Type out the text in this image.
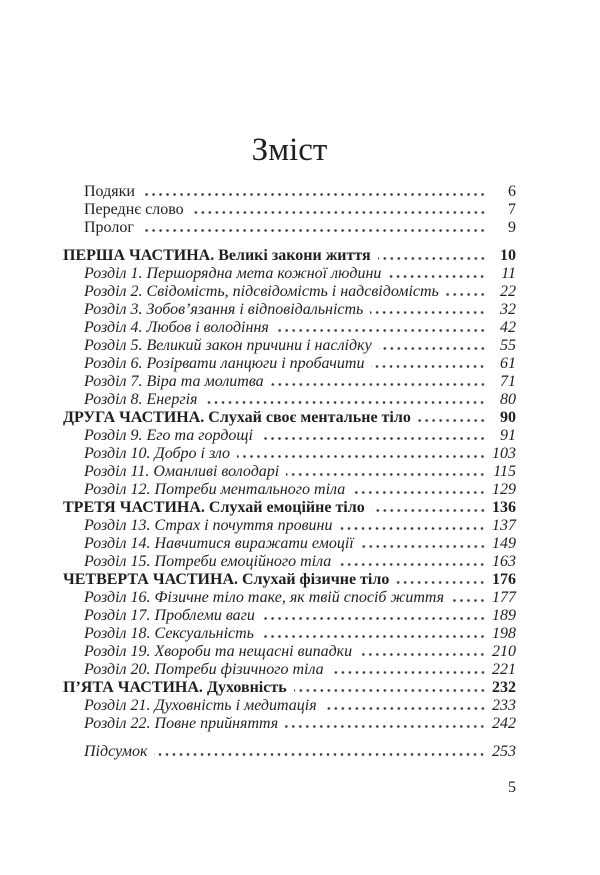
Зміст
Подяки	6
Переднє слово	7
Пролог	9
ПЕРША ЧАСТИНА. Великі закони життя	10
Розділ 1. Першорядна мета кожної людини	11
Розділ 2. Свідомість, підсвідомість і надсвідомість	22
Розділ 3. Зобов’язання і відповідальність	32
Розділ 4. Любов і володіння	42
Розділ 5. Великий закон причини і наслідку	55
Розділ 6. Розірвати ланцюги і пробачити	61
Розділ 7. Віра та молитва	71
Розділ 8. Енергія	80
ДРУГА ЧАСТИНА. Слухай своє ментальне тіло	90
Розділ 9. Его та гордощі	91
Розділ 10. Добро і зло	103
Розділ 11. Оманливі володарі	115
Розділ 12. Потреби ментального тіла	129
ТРЕТЯ ЧАСТИНА. Слухай емоційне тіло	136
Розділ 13. Страх і почуття провини	137
Розділ 14. Навчитися виражати емоції	149
Розділ 15. Потреби емоційного тіла	163
ЧЕТВЕРТА ЧАСТИНА. Слухай фізичне тіло	176
Розділ 16. Фізичне тіло таке, як твій спосіб життя	177
Розділ 17. Проблеми ваги	189
Розділ 18. Сексуальність	198
Розділ 19. Хвороби та нещасні випадки	210
Розділ 20. Потреби фізичного тіла	221
П’ЯТА ЧАСТИНА. Духовність	232
Розділ 21. Духовність і медитація	233
Розділ 22. Повне прийняття	242
Підсумок	253
5
